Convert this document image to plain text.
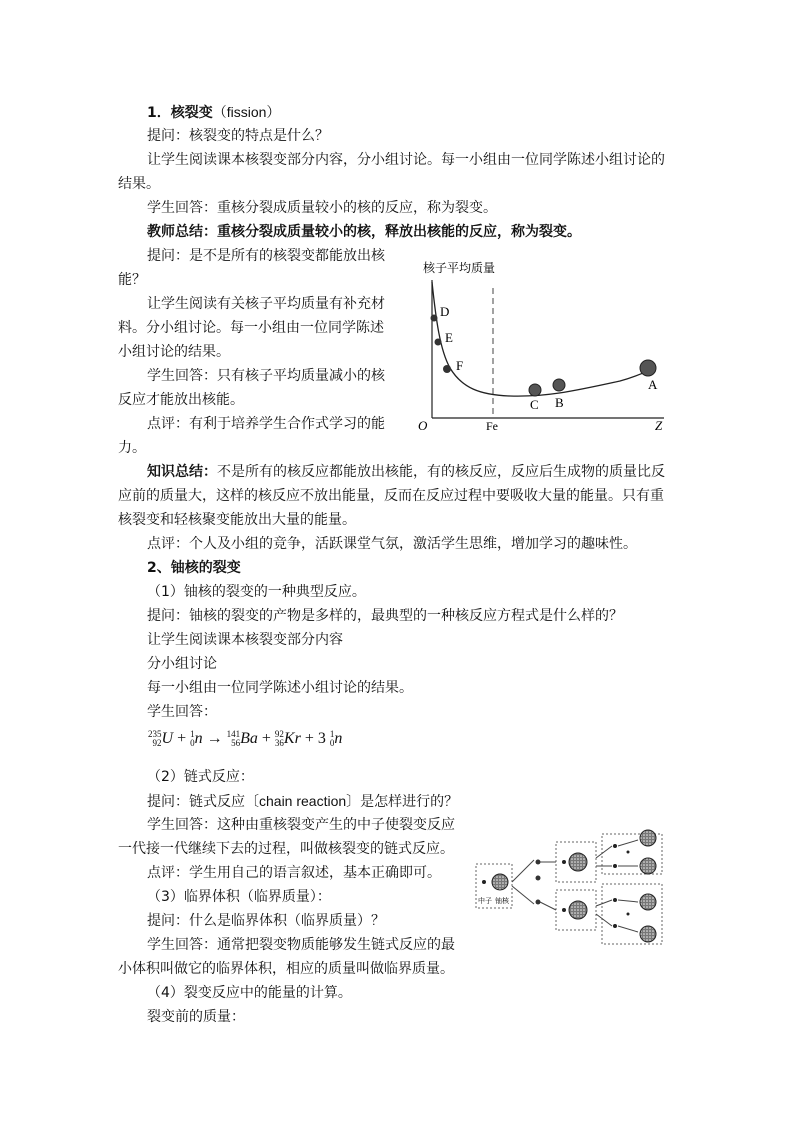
1．核裂变（fission）
提问：核裂变的特点是什么？
让学生阅读课本核裂变部分内容，分小组讨论。每一小组由一位同学陈述小组讨论的
结果。
学生回答：重核分裂成质量较小的核的反应，称为裂变。
教师总结：重核分裂成质量较小的核，释放出核能的反应，称为裂变。
提问：是不是所有的核裂变都能放出核
能？
让学生阅读有关核子平均质量有补充材
料。分小组讨论。每一小组由一位同学陈述
小组讨论的结果。
学生回答：只有核子平均质量减小的核
反应才能放出核能。
点评：有利于培养学生合作式学习的能
力。
核子平均质量
D
E
F
C B
A
O	Fe	Z
知识总结：不是所有的核反应都能放出核能，有的核反应，反应后生成物的质量比反
应前的质量大，这样的核反应不放出能量，反而在反应过程中要吸收大量的能量。只有重
核裂变和轻核聚变能放出大量的能量。
点评：个人及小组的竞争，活跃课堂气氛，激活学生思维，增加学习的趣味性。
2、铀核的裂变
（1）铀核的裂变的一种典型反应。
提问：铀核的裂变的产物是多样的，最典型的一种核反应方程式是什么样的？
让学生阅读课本核裂变部分内容
分小组讨论
每一小组由一位同学陈述小组讨论的结果。
学生回答：
235
92 U + 1
0 n → 141
56 Ba + 92
36 Kr + 3 1
0 n
（2）链式反应：
提问：链式反应〔chain reaction〕是怎样进行的？
学生回答：这种由重核裂变产生的中子使裂变反应
一代接一代继续下去的过程，叫做核裂变的链式反应。
点评：学生用自己的语言叙述，基本正确即可。
（3）临界体积（临界质量）：
提问：什么是临界体积（临界质量）？
学生回答：通常把裂变物质能够发生链式反应的最
小体积叫做它的临界体积，相应的质量叫做临界质量。
（4）裂变反应中的能量的计算。
裂变前的质量：
中子 铀核
